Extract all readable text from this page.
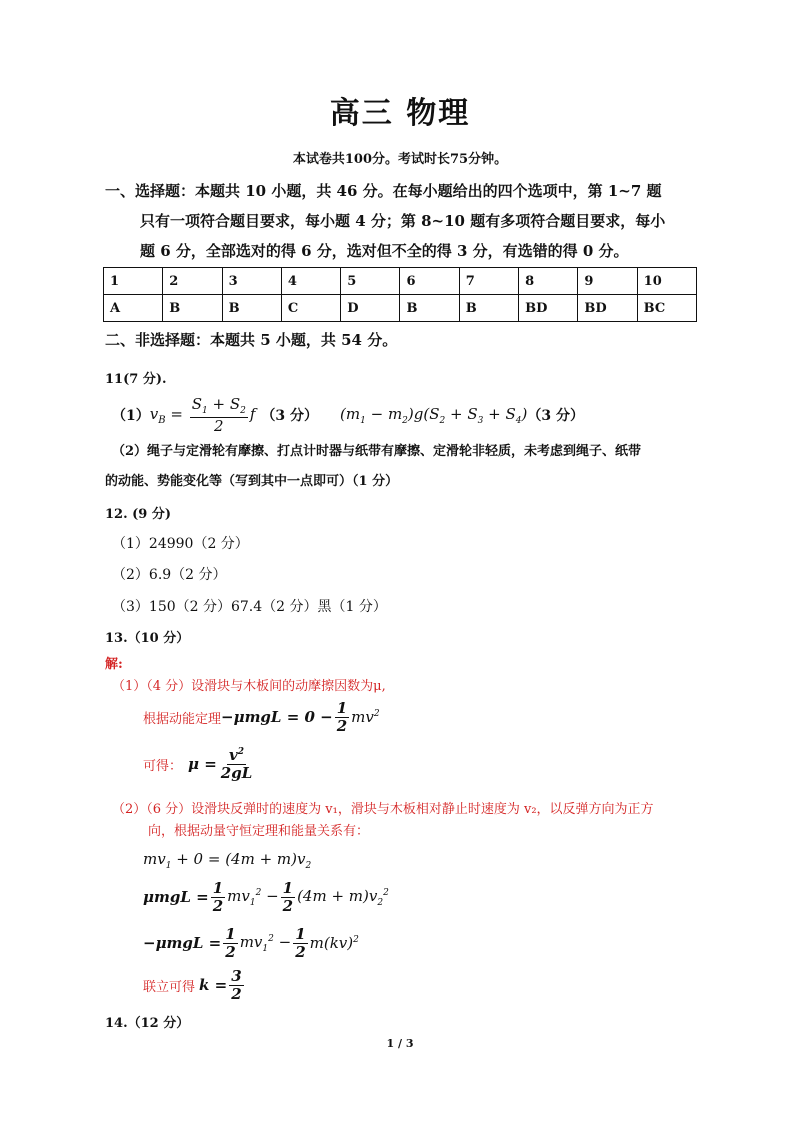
高三 物理
本试卷共100分。考试时长75分钟。
一、选择题：本题共 10 小题，共 46 分。在每小题给出的四个选项中，第 1~7 题
只有一项符合题目要求，每小题 4 分；第 8~10 题有多项符合题目要求，每小
题 6 分，全部选对的得 6 分，选对但不全的得 3 分，有选错的得 0 分。
1	2	3	4	5	6	7	8	9	10
A	B	B	C	D	B	B	BD	BD	BC
二、非选择题：本题共 5 小题，共 54 分。
11(7 分).
（1） $v_B = \frac{S_1 + S_2}{2}$ f （3 分） $(m_1 - m_2)g(S_2 + S_3 + S_4)$ （3 分）
（2）绳子与定滑轮有摩擦、打点计时器与纸带有摩擦、定滑轮非轻质，未考虑到绳子、纸带
的动能、势能变化等（写到其中一点即可）（1 分）
12. (9 分)
（1）24990（2 分）
（2）6.9（2 分）
（3）150（2 分）67.4（2 分）黑（1 分）
13.（10 分）
解:
（1）（4 分）设滑块与木板间的动摩擦因数为μ,
根据动能定理 $-\mu mgL = 0 - \frac{1}{2} mv^2$
可得： $\mu = \frac{v^2}{2gL}$
（2）（6 分）设滑块反弹时的速度为 v₁，滑块与木板相对静止时速度为 v₂，以反弹方向为正方
向，根据动量守恒定理和能量关系有：
$mv_1 + 0 = (4m + m)v_2$
$\mu mgL = \frac{1}{2} mv_1^2 - \frac{1}{2} (4m + m)v_2^2$
$-\mu mgL = \frac{1}{2} mv_1^2 - \frac{1}{2} m(kv)^2$
联立可得 $k = \frac{3}{2}$
14.（12 分）
1 / 3
